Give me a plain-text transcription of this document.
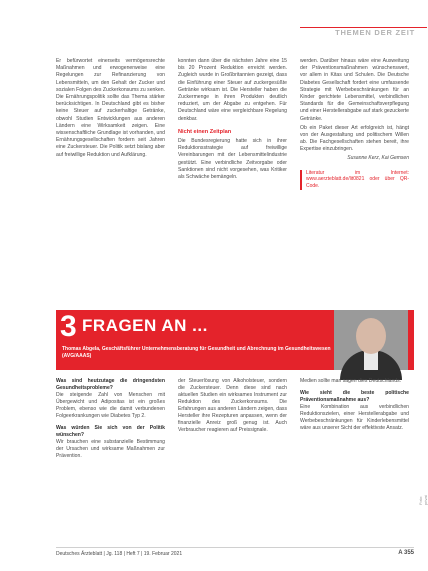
THEMEN DER ZEIT

Er befürwortet einerseits vermögensrechte Maßnahmen und erwogenerweise eine Regelungen zur Refinanzierung von Lebensmitteln, um den Gehalt der Zucker und sozialen Folgen des Zuckerkonsums zu senken. Die Ernährungspolitik sollte das Thema stärker berücksichtigen. In Deutschland gibt es bisher keine Steuer auf zuckerhaltige Getränke, obwohl Studien Entwicklungen aus anderen Ländern eine Wirksamkeit zeigen. Eine wissenschaftliche Grundlage ist vorhanden, und Ernährungsgesellschaften fordern seit Jahren eine Zuckersteuer. Die Politik setzt bislang aber auf freiwillige Reduktion und Aufklärung.

konnten dann über die nächsten Jahre eine 15 bis 20 Prozent Reduktion erreicht werden. Zugleich wurde in Großbritannien gezeigt, dass die Einführung einer Steuer auf zuckergesüßte Getränke wirksam ist. Die Hersteller haben die Zuckermenge in ihren Produkten deutlich reduziert, um der Abgabe zu entgehen. Für Deutschland wäre eine vergleichbare Regelung denkbar.

Nicht einen Zeitplan

Die Bundesregierung hatte sich in ihrer Reduktionsstrategie auf freiwillige Vereinbarungen mit der Lebensmittelindustrie gestützt. Eine verbindliche Zeitvorgabe oder Sanktionen sind nicht vorgesehen, was Kritiker als Schwäche bemängeln.

werden. Darüber hinaus wäre eine Ausweitung der Präventionsmaßnahmen wünschenswert, vor allem in Kitas und Schulen. Die Deutsche Diabetes Gesellschaft fordert eine umfassende Strategie mit Werbebeschränkungen für an Kinder gerichtete Lebensmittel, verbindlichen Standards für die Gemeinschaftsverpflegung und einer Herstellerabgabe auf stark gezuckerte Getränke.

Ob ein Paket dieser Art erfolgreich ist, hängt von der Ausgestaltung und politischem Willen ab. Die Fachgesellschaften stehen bereit, ihre Expertise einzubringen.

Susanne Kerz, Kai Gemsen
Literatur im Internet: www.aerzteblatt.de/lit0821 oder über QR-Code.
3 FRAGEN AN ...
Thomas Abgela, Geschäftsführer Unternehmensberatung für Gesundheit und Abrechnung im Gesundheitswesen (AVG/AAAS)
Was sind heutzutage die dringendsten Gesundheitsprobleme?
Die steigende Zahl von Menschen mit Übergewicht und Adipositas ist ein großes Problem, ebenso wie die damit verbundenen Folgeerkrankungen wie Diabetes Typ 2.
Was würden Sie sich von der Politik wünschen?
Wir brauchen eine substanzielle Bestimmung der Ursachen und wirksame Maßnahmen zur Prävention.
der Steuerlösung von Alkoholsteuer, sondern die Zuckersteuer. Denn diese sind nach aktuellen Studien ein wirksames Instrument zur Reduktion des Zuckerkonsums. Die Erfahrungen aus anderen Ländern zeigen, dass Hersteller ihre Rezepturen anpassen, wenn der finanzielle Anreiz groß genug ist. Auch Verbraucher reagieren auf Preissignale.
Medien sollte man sagen dies Deutschlands.
Wie sieht die beste politische Präventionsmaßnahme aus?
Eine Kombination aus verbindlichen Reduktionszielen, einer Herstellerabgabe und Werbebeschränkungen für Kinderlebensmittel wäre aus unserer Sicht der effektivste Ansatz.
Foto: privat
Deutsches Ärzteblatt | Jg. 118 | Heft 7 | 19. Februar 2021	A 355
